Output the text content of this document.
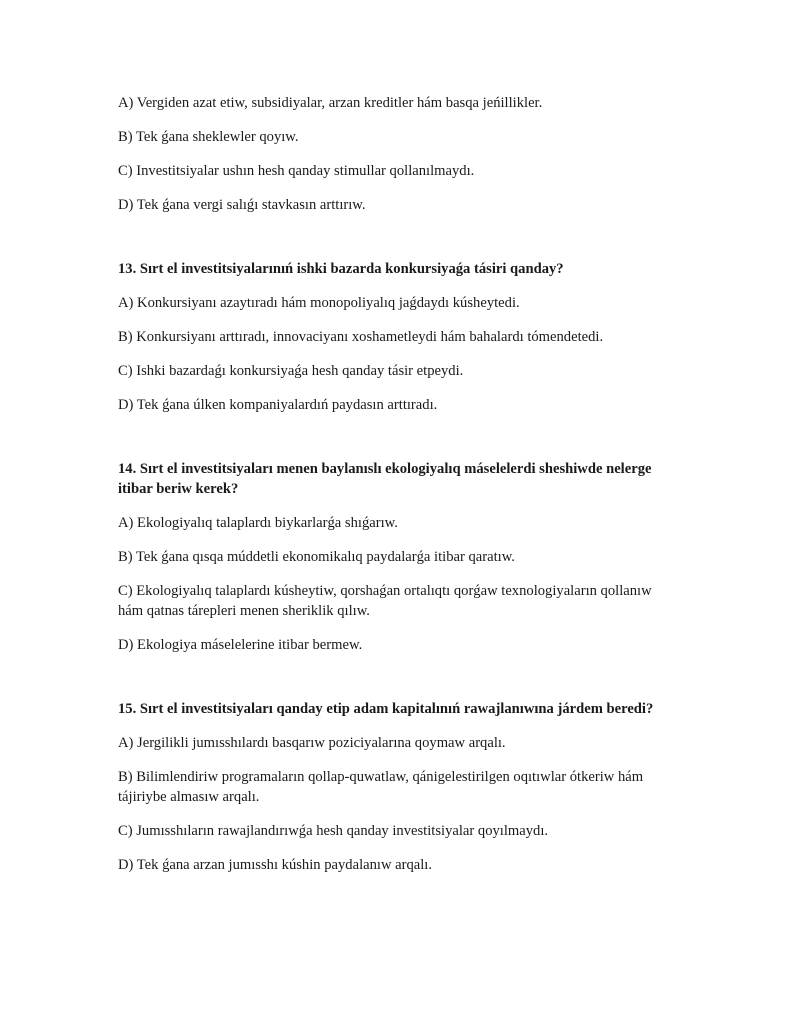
A) Vergiden azat etiw, subsidiyalar, arzan kreditler hám basqa jeńillikler.

B) Tek ǵana sheklewler qoyıw.

C) Investitsiyalar ushın hesh qanday stimullar qollanılmaydı.

D) Tek ǵana vergi salıǵı stavkasın arttırıw.

13. Sırt el investitsiyalarınıń ishki bazarda konkursiyaǵa tásiri qanday?

A) Konkursiyanı azaytıradı hám monopoliyalıq jaǵdaydı kúsheytedi.

B) Konkursiyanı arttıradı, innovaciyanı xoshametleydi hám bahalardı tómendetedi.

C) Ishki bazardaǵı konkursiyaǵa hesh qanday tásir etpeydi.

D) Tek ǵana úlken kompaniyalardıń paydasın arttıradı.

14. Sırt el investitsiyaları menen baylanıslı ekologiyalıq máselelerdi sheshiwde nelerge itibar beriw kerek?

A) Ekologiyalıq talaplardı biykarlarǵa shıǵarıw.

B) Tek ǵana qısqa múddetli ekonomikalıq paydalarǵa itibar qaratıw.

C) Ekologiyalıq talaplardı kúsheytiw, qorshaǵan ortalıqtı qorǵaw texnologiyaların qollanıw hám qatnas tárepleri menen sheriklik qılıw.

D) Ekologiya máselelerine itibar bermew.

15. Sırt el investitsiyaları qanday etip adam kapitalınıń rawajlanıwına járdem beredi?

A) Jergilikli jumısshılardı basqarıw poziciyalarına qoymaw arqalı.

B) Bilimlendiriw programaların qollap-quwatlaw, qánigelestirilgen oqıtıwlar ótkeriw hám tájiriybe almasıw arqalı.

C) Jumısshıların rawajlandırıwǵa hesh qanday investitsiyalar qoyılmaydı.

D) Tek ǵana arzan jumısshı kúshin paydalanıw arqalı.
